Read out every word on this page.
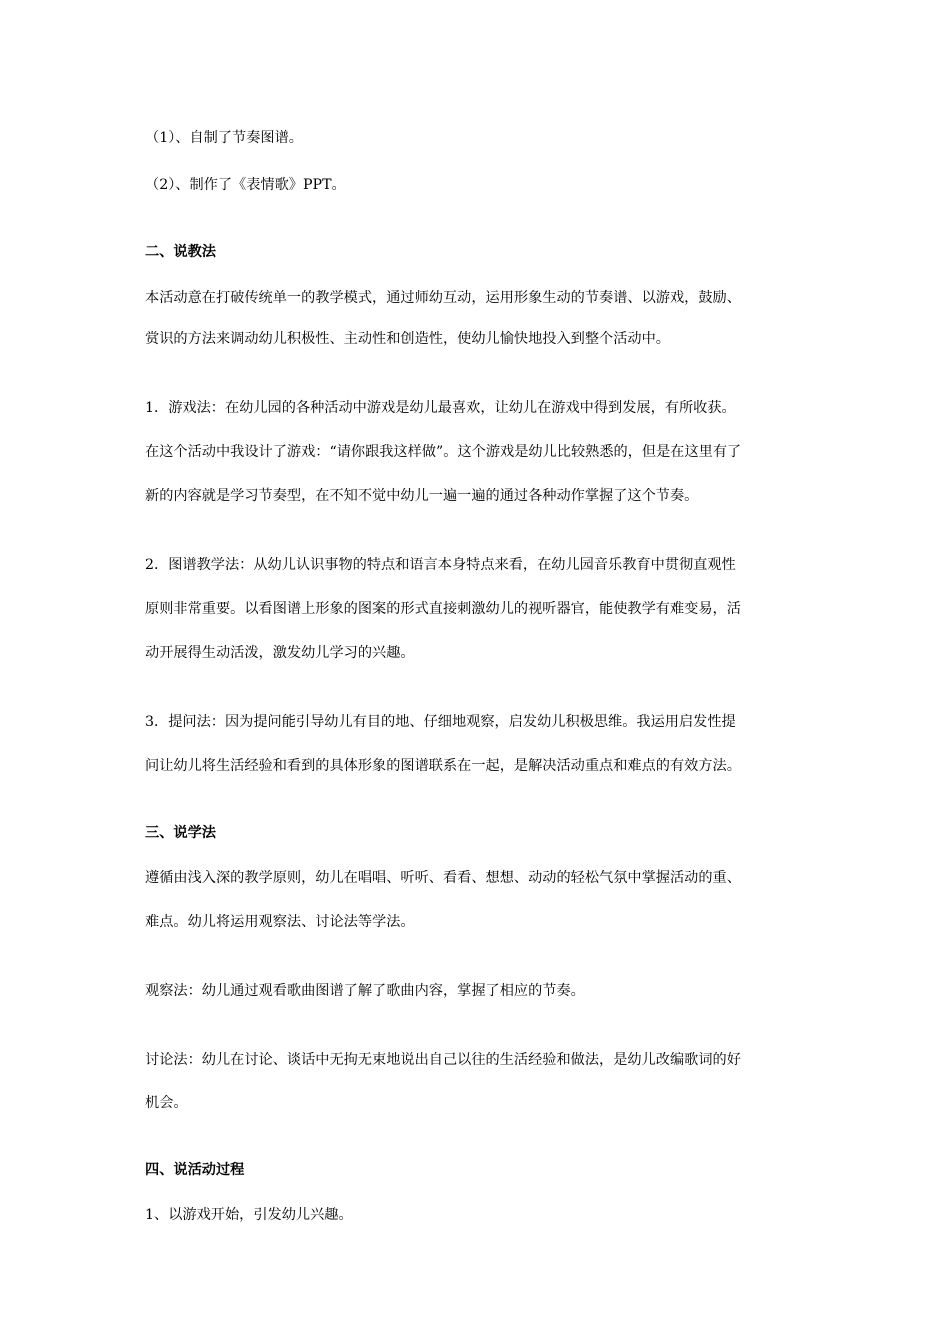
（1）、自制了节奏图谱。
（2）、制作了《表情歌》PPT。
二、说教法
本活动意在打破传统单一的教学模式，通过师幼互动，运用形象生动的节奏谱、以游戏，鼓励、
赏识的方法来调动幼儿积极性、主动性和创造性，使幼儿愉快地投入到整个活动中。
1．游戏法：在幼儿园的各种活动中游戏是幼儿最喜欢，让幼儿在游戏中得到发展，有所收获。
在这个活动中我设计了游戏：“请你跟我这样做”。这个游戏是幼儿比较熟悉的，但是在这里有了
新的内容就是学习节奏型，在不知不觉中幼儿一遍一遍的通过各种动作掌握了这个节奏。
2．图谱教学法：从幼儿认识事物的特点和语言本身特点来看，在幼儿园音乐教育中贯彻直观性
原则非常重要。以看图谱上形象的图案的形式直接刺激幼儿的视听器官，能使教学有难变易，活
动开展得生动活泼，激发幼儿学习的兴趣。
3．提问法：因为提问能引导幼儿有目的地、仔细地观察，启发幼儿积极思维。我运用启发性提
问让幼儿将生活经验和看到的具体形象的图谱联系在一起，是解决活动重点和难点的有效方法。
三、说学法
遵循由浅入深的教学原则，幼儿在唱唱、听听、看看、想想、动动的轻松气氛中掌握活动的重、
难点。幼儿将运用观察法、讨论法等学法。
观察法：幼儿通过观看歌曲图谱了解了歌曲内容，掌握了相应的节奏。
讨论法：幼儿在讨论、谈话中无拘无束地说出自己以往的生活经验和做法，是幼儿改编歌词的好
机会。
四、说活动过程
1、以游戏开始，引发幼儿兴趣。
